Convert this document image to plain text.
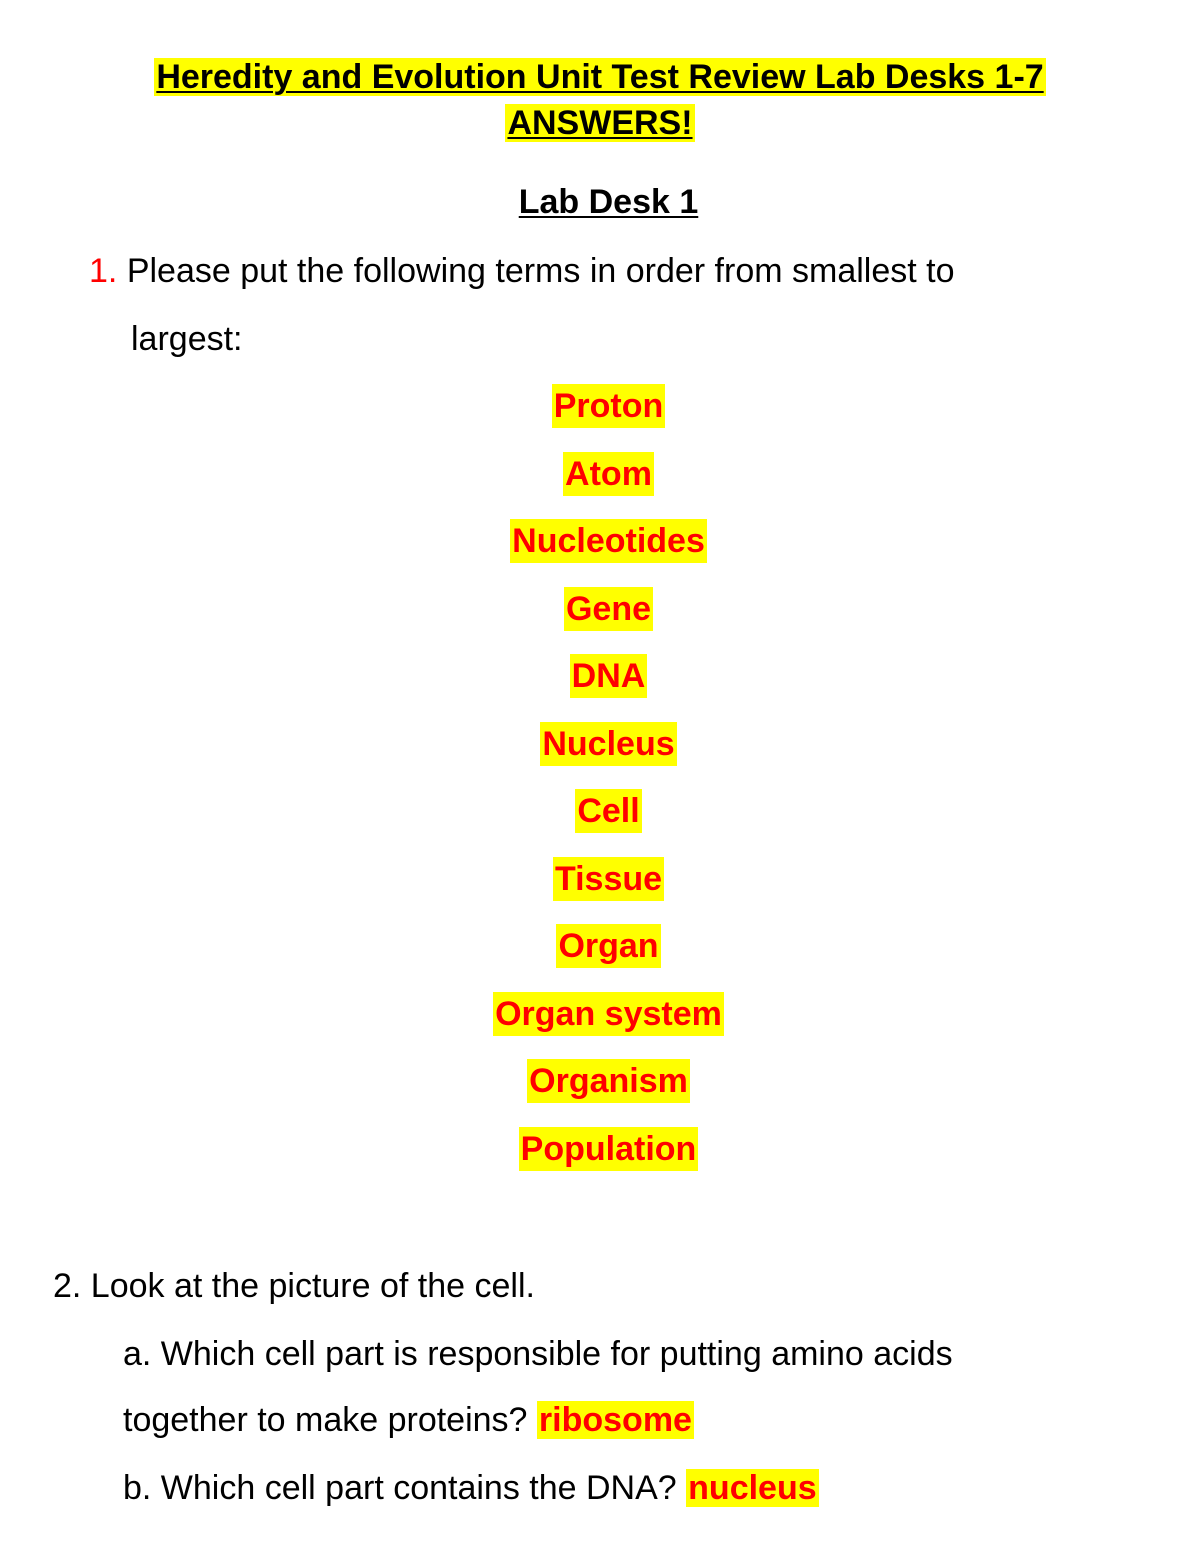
Heredity and Evolution Unit Test Review Lab Desks 1-7
ANSWERS!
Lab Desk 1
1. Please put the following terms in order from smallest to
largest:
Proton
Atom
Nucleotides
Gene
DNA
Nucleus
Cell
Tissue
Organ
Organ system
Organism
Population
2. Look at the picture of the cell.
a. Which cell part is responsible for putting amino acids
together to make proteins? ribosome
b. Which cell part contains the DNA? nucleus
